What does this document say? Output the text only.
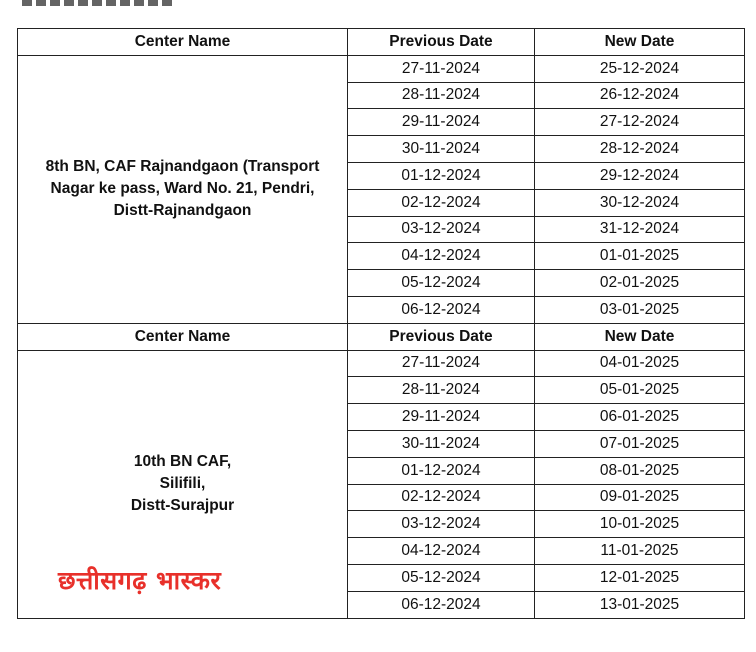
Center Name	Previous Date	New Date
8th BN, CAF Rajnandgaon (Transport
Nagar ke pass, Ward No. 21, Pendri,
Distt-Rajnandgaon	27-11-2024	25-12-2024
	28-11-2024	26-12-2024
	29-11-2024	27-12-2024
	30-11-2024	28-12-2024
	01-12-2024	29-12-2024
	02-12-2024	30-12-2024
	03-12-2024	31-12-2024
	04-12-2024	01-01-2025
	05-12-2024	02-01-2025
	06-12-2024	03-01-2025
Center Name	Previous Date	New Date
10th BN CAF,
Silifili,
Distt-Surajpur	27-11-2024	04-01-2025
	28-11-2024	05-01-2025
	29-11-2024	06-01-2025
	30-11-2024	07-01-2025
	01-12-2024	08-01-2025
	02-12-2024	09-01-2025
	03-12-2024	10-01-2025
	04-12-2024	11-01-2025
	05-12-2024	12-01-2025
	06-12-2024	13-01-2025
छत्तीसगढ़ भास्कर
